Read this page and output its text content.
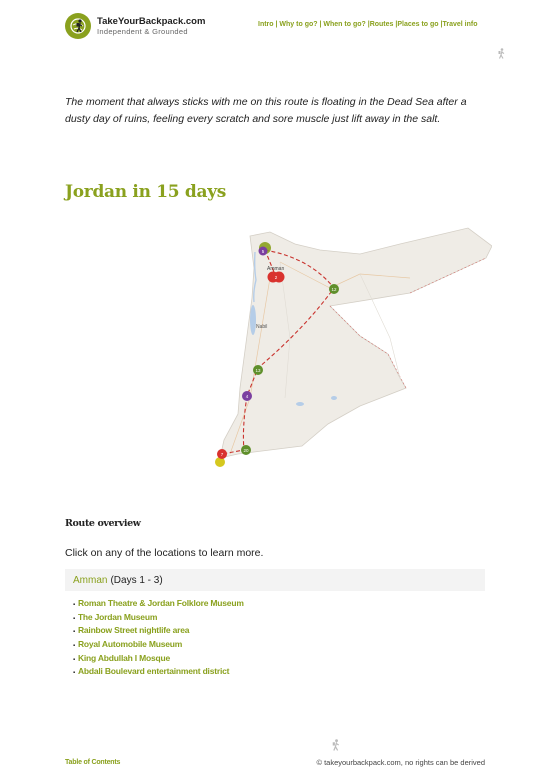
TakeYourBackpack.com
Independent & Grounded
Intro | Why to go? | When to go? |Routes |Places to go |Travel info
The moment that always sticks with me on this route is floating in the Dead Sea after a dusty day of ruins, feeling every scratch and sore muscle just lift away in the salt.
Jordan in 15 days
Amman
Nabil
5
2
12
13
4
20
7
Route overview
Click on any of the locations to learn more.
Amman (Days 1 - 3)
▪ Roman Theatre & Jordan Folklore Museum
▪ The Jordan Museum
▪ Rainbow Street nightlife area
▪ Royal Automobile Museum
▪ King Abdullah I Mosque
▪ Abdali Boulevard entertainment district
Table of Contents	© takeyourbackpack.com, no rights can be derived
